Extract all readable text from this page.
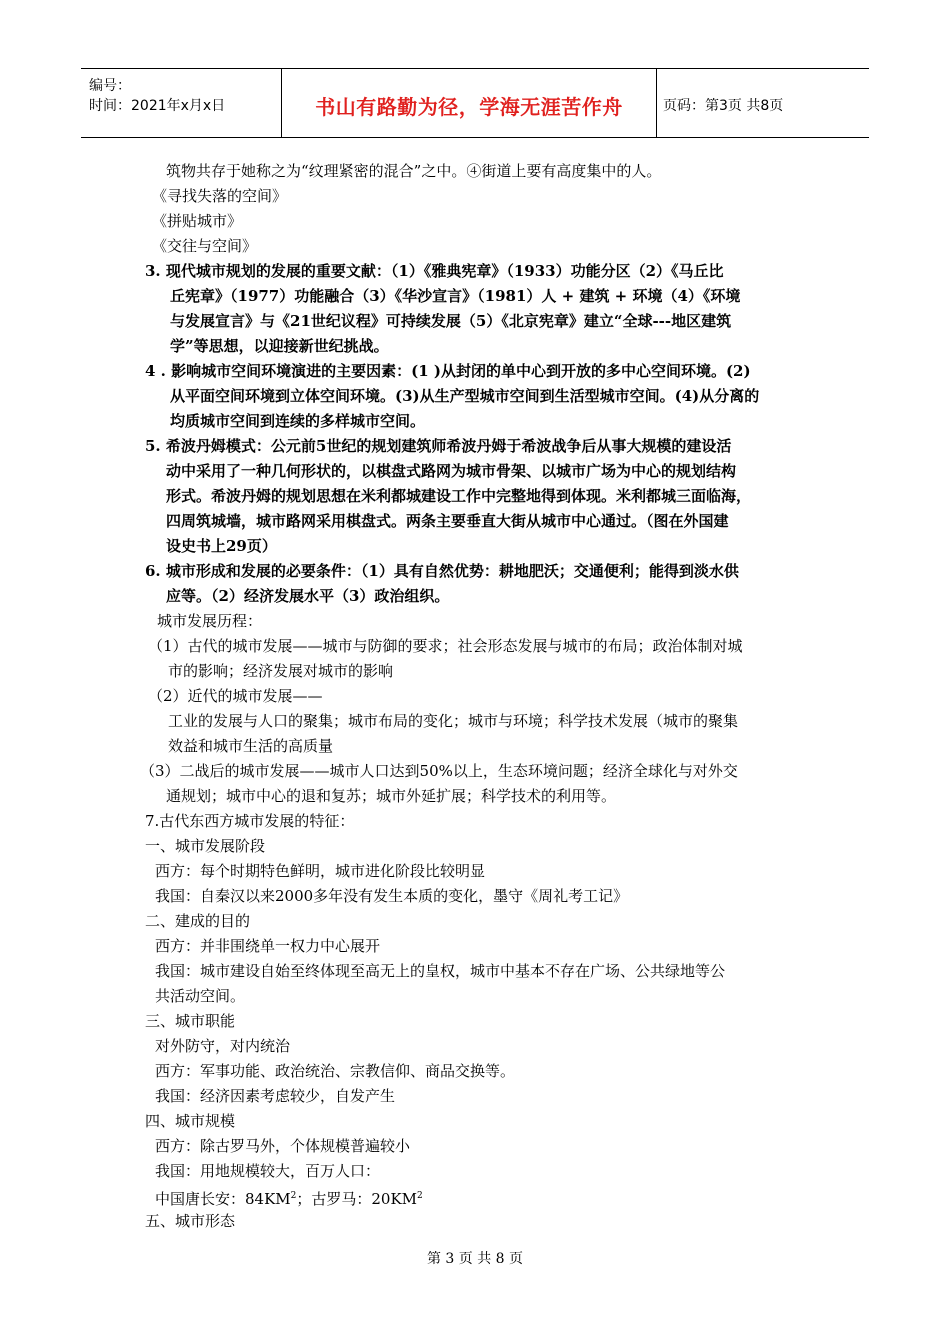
编号：
时间：2021年x月x日	书山有路勤为径，学海无涯苦作舟	页码：第3页 共8页
筑物共存于她称之为“纹理紧密的混合”之中。④街道上要有高度集中的人。
《寻找失落的空间》
《拼贴城市》
《交往与空间》
3. 现代城市规划的发展的重要文献：（1）《雅典宪章》（1933）功能分区（2）《马丘比
丘宪章》（1977）功能融合（3）《华沙宣言》（1981）人 + 建筑 + 环境（4）《环境
与发展宣言》与《21世纪议程》可持续发展（5）《北京宪章》建立“全球---地区建筑
学”等思想，以迎接新世纪挑战。
4 . 影响城市空间环境演进的主要因素：(1 )从封闭的单中心到开放的多中心空间环境。(2)
从平面空间环境到立体空间环境。(3)从生产型城市空间到生活型城市空间。(4)从分离的
均质城市空间到连续的多样城市空间。
5. 希波丹姆模式：公元前5世纪的规划建筑师希波丹姆于希波战争后从事大规模的建设活
动中采用了一种几何形状的，以棋盘式路网为城市骨架、以城市广场为中心的规划结构
形式。希波丹姆的规划思想在米利都城建设工作中完整地得到体现。米利都城三面临海，
四周筑城墙，城市路网采用棋盘式。两条主要垂直大街从城市中心通过。（图在外国建
设史书上29页）
6. 城市形成和发展的必要条件：（1）具有自然优势：耕地肥沃；交通便利；能得到淡水供
应等。（2）经济发展水平（3）政治组织。
城市发展历程：
（1）古代的城市发展——城市与防御的要求；社会形态发展与城市的布局；政治体制对城
市的影响；经济发展对城市的影响
（2）近代的城市发展——
工业的发展与人口的聚集；城市布局的变化；城市与环境；科学技术发展（城市的聚集
效益和城市生活的高质量
（3）二战后的城市发展——城市人口达到50%以上，生态环境问题；经济全球化与对外交
通规划；城市中心的退和复苏；城市外延扩展；科学技术的利用等。
7.古代东西方城市发展的特征：
一、城市发展阶段
西方：每个时期特色鲜明，城市进化阶段比较明显
我国：自秦汉以来2000多年没有发生本质的变化，墨守《周礼考工记》
二、建成的目的
西方：并非围绕单一权力中心展开
我国：城市建设自始至终体现至高无上的皇权，城市中基本不存在广场、公共绿地等公
共活动空间。
三、城市职能
对外防守，对内统治
西方：军事功能、政治统治、宗教信仰、商品交换等。
我国：经济因素考虑较少，自发产生
四、城市规模
西方：除古罗马外，个体规模普遍较小
我国：用地规模较大，百万人口：
中国唐长安：$84KM^2$；古罗马：$20KM^2$
五、城市形态
第 3 页 共 8 页
